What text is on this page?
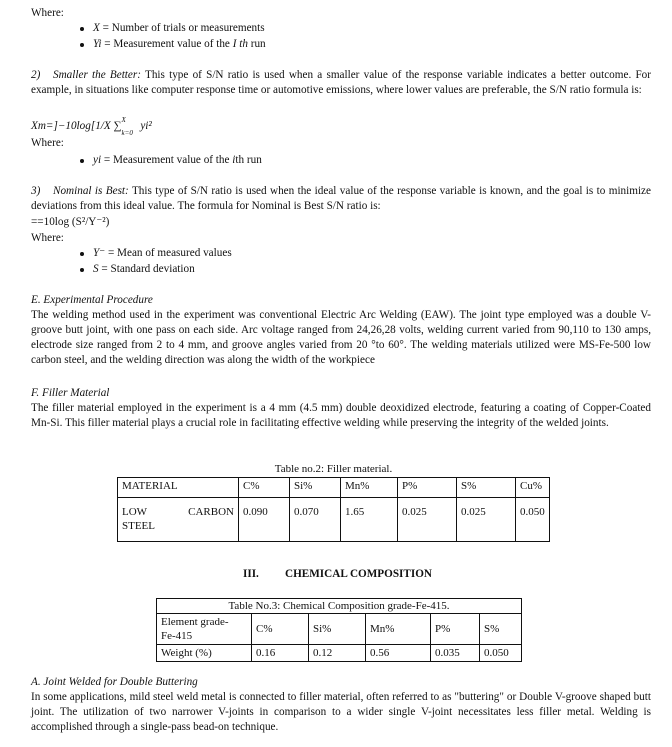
Where:
X = Number of trials or measurements
Yi = Measurement value of the I th run
2) Smaller the Better: This type of S/N ratio is used when a smaller value of the response variable indicates a better outcome. For example, in situations like computer response time or automotive emissions, where lower values are preferable, the S/N ratio formula is:
Xm=]−10log[1/X ∑ X
k=0
yi²
Where:
yi = Measurement value of the ith run
3) Nominal is Best: This type of S/N ratio is used when the ideal value of the response variable is known, and the goal is to minimize deviations from this ideal value. The formula for Nominal is Best S/N ratio is:
==10log (S²/Y⁻²)
Where:
Y⁻ = Mean of measured values
S = Standard deviation
E. Experimental Procedure
The welding method used in the experiment was conventional Electric Arc Welding (EAW). The joint type employed was a double V-groove butt joint, with one pass on each side. Arc voltage ranged from 24,26,28 volts, welding current varied from 90,110 to 130 amps, electrode size ranged from 2 to 4 mm, and groove angles varied from 20 °to 60°. The welding materials utilized were MS-Fe-500 low carbon steel, and the welding direction was along the width of the workpiece
F. Filler Material
The filler material employed in the experiment is a 4 mm (4.5 mm) double deoxidized electrode, featuring a coating of Copper-Coated Mn-Si. This filler material plays a crucial role in facilitating effective welding while preserving the integrity of the welded joints.
Table no.2: Filler material.
MATERIAL	C%	Si%	Mn%	P%	S%	Cu%

LOW CARBON
STEEL	0.090	0.070	1.65	0.025	0.025	0.050
III. CHEMICAL COMPOSITION
Table No.3: Chemical Composition grade-Fe-415.					

Element grade-
Fe-415	C%	Si%	Mn%	P%	S%
Weight (%)	0.16	0.12	0.56	0.035	0.050
A. Joint Welded for Double Buttering
In some applications, mild steel weld metal is connected to filler material, often referred to as "buttering" or Double V-groove shaped butt joint. The utilization of two narrower V-joints in comparison to a wider single V-joint necessitates less filler metal. Welding is accomplished through a single-pass bead-on technique.
